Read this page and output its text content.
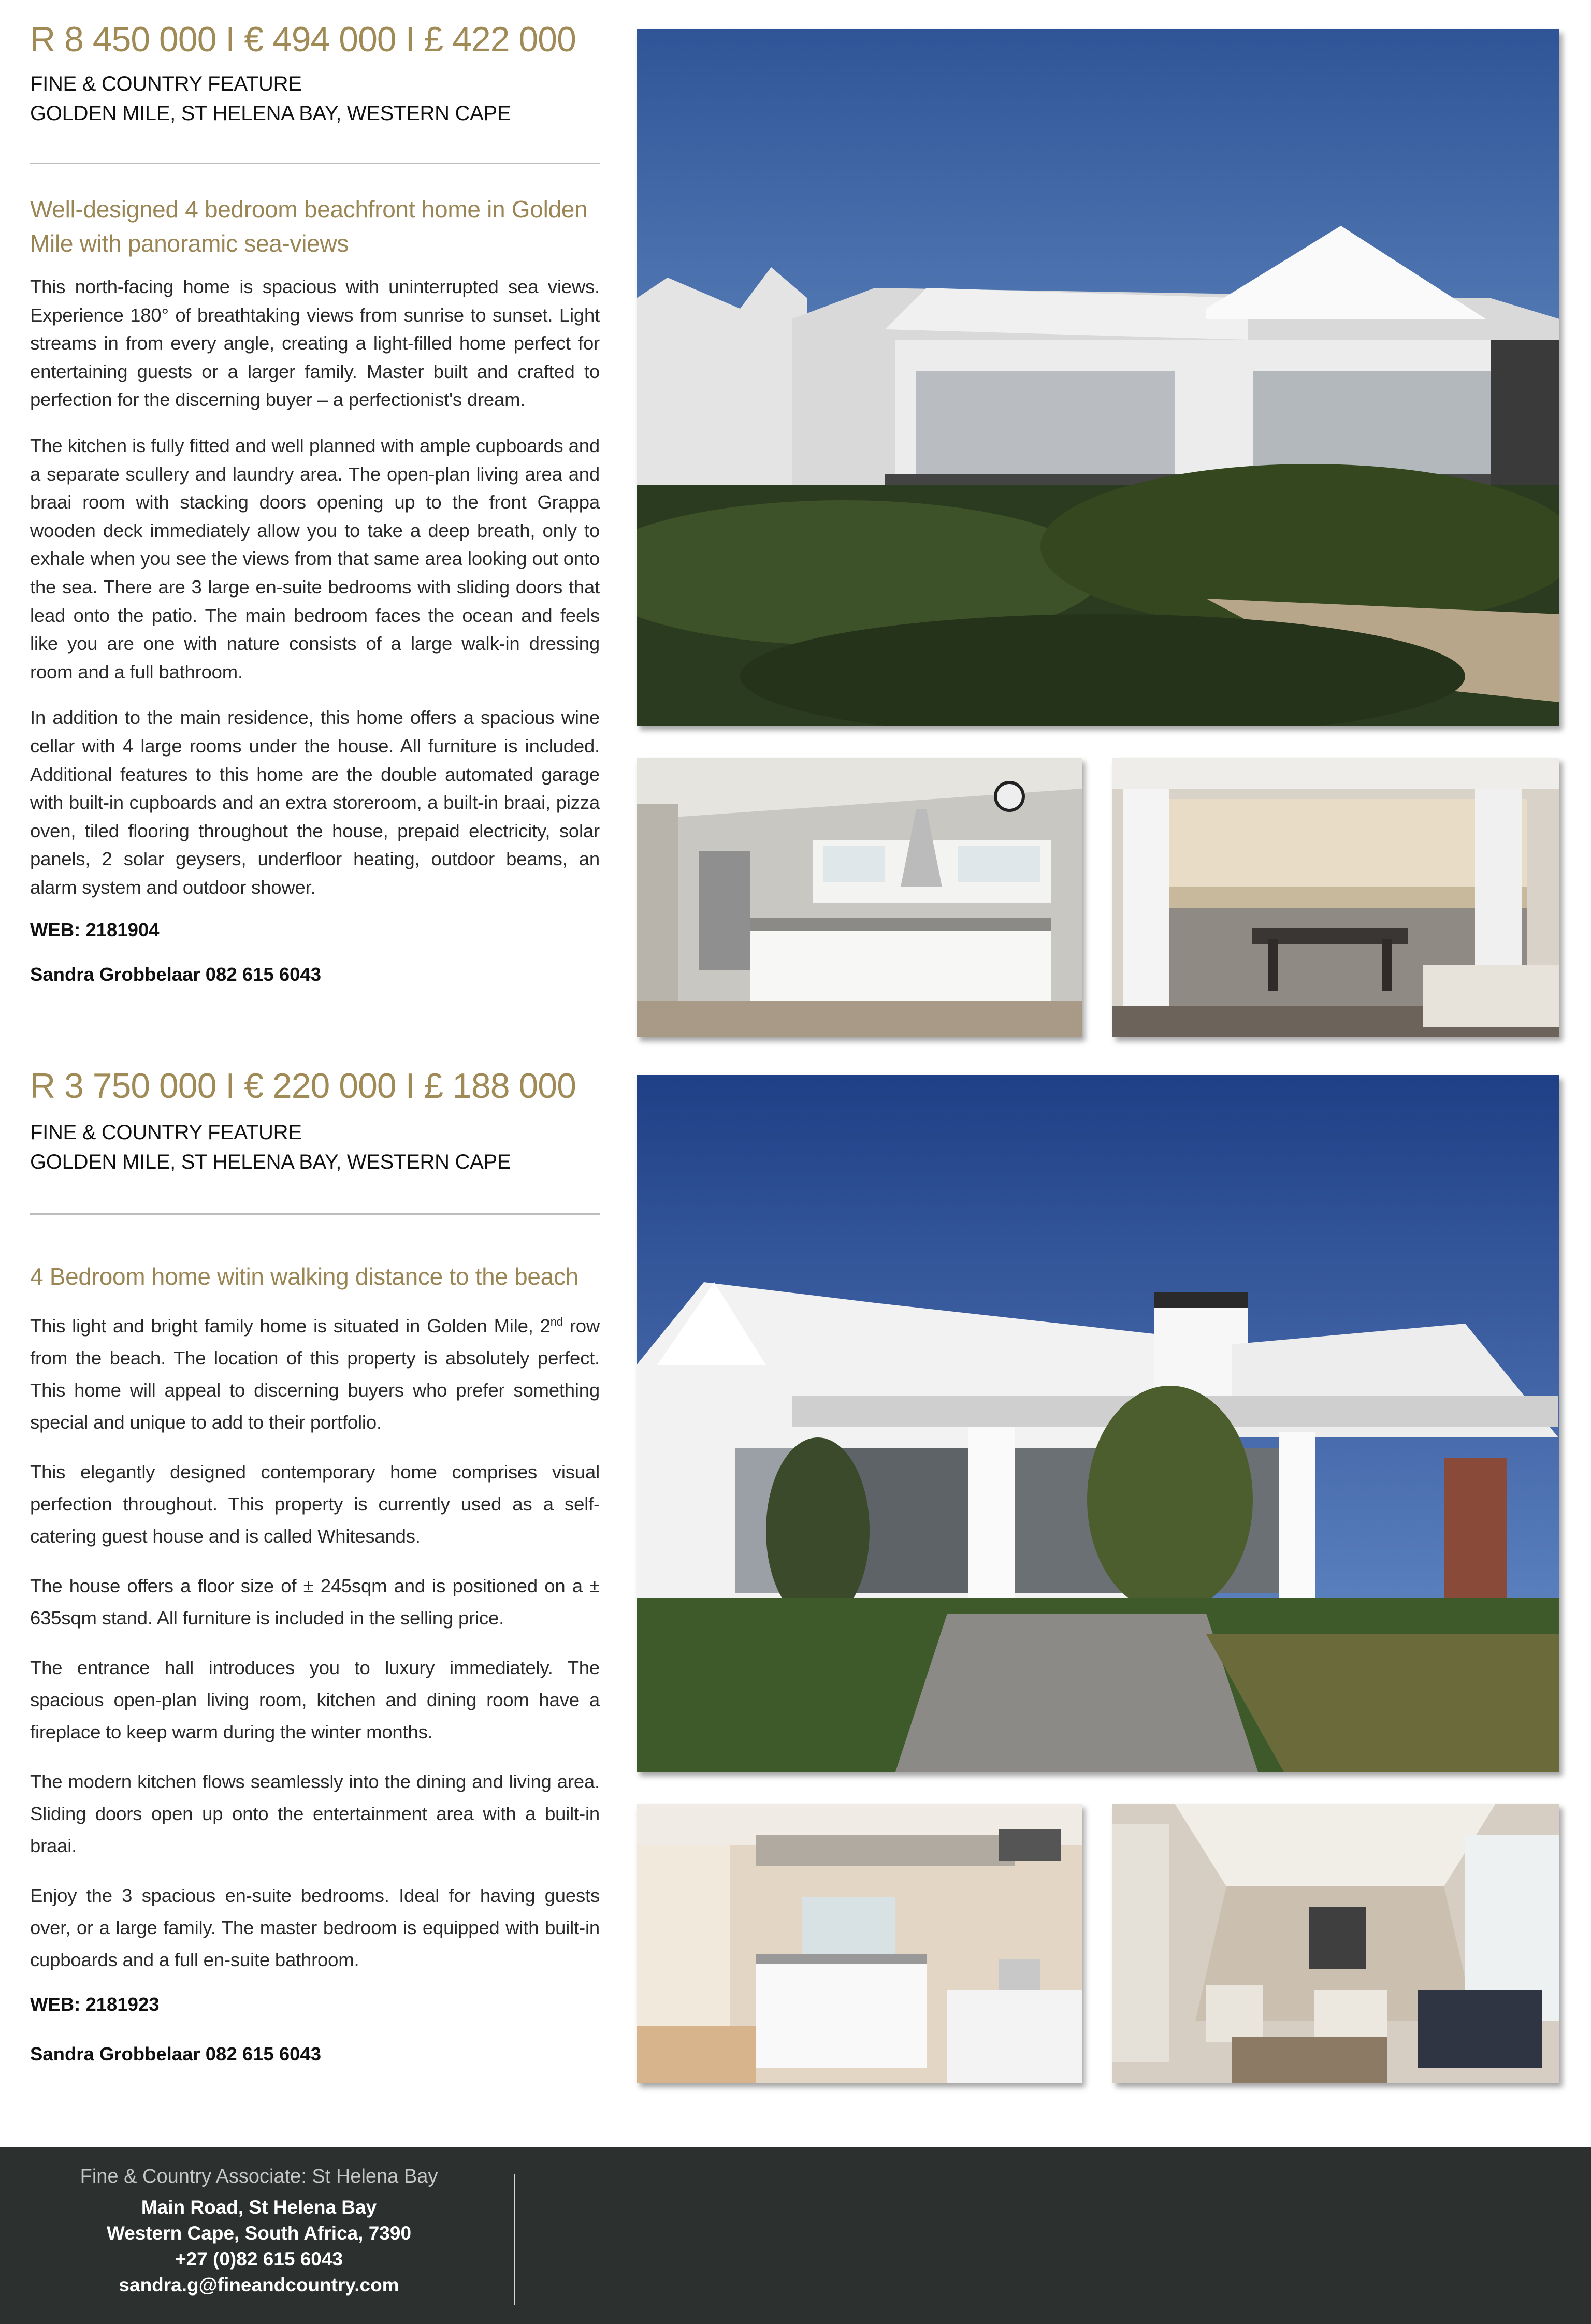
R 8 450 000 I € 494 000 I £ 422 000

FINE & COUNTRY FEATURE

GOLDEN MILE, ST HELENA BAY, WESTERN CAPE

Well-designed 4 bedroom beachfront home in Golden Mile with panoramic sea-views

This north-facing home is spacious with uninterrupted sea views. Experience 180° of breathtaking views from sunrise to sunset. Light streams in from every angle, creating a light-filled home perfect for entertaining guests or a larger family. Master built and crafted to perfection for the discerning buyer – a perfectionist's dream.

The kitchen is fully fitted and well planned with ample cupboards and a separate scullery and laundry area. The open-plan living area and braai room with stacking doors opening up to the front Grappa wooden deck immediately allow you to take a deep breath, only to exhale when you see the views from that same area looking out onto the sea. There are 3 large en-suite bedrooms with sliding doors that lead onto the patio. The main bedroom faces the ocean and feels like you are one with nature consists of a large walk-in dressing room and a full bathroom.

In addition to the main residence, this home offers a spacious wine cellar with 4 large rooms under the house. All furniture is included. Additional features to this home are the double automated garage with built-in cupboards and an extra storeroom, a built-in braai, pizza oven, tiled flooring throughout the house, prepaid electricity, solar panels, 2 solar geysers, underfloor heating, outdoor beams, an alarm system and outdoor shower.

WEB: 2181904

Sandra Grobbelaar 082 615 6043

R 3 750 000 I € 220 000 I £ 188 000

FINE & COUNTRY FEATURE

GOLDEN MILE, ST HELENA BAY, WESTERN CAPE

4 Bedroom home witin walking distance to the beach

This light and bright family home is situated in Golden Mile, 2nd row from the beach. The location of this property is absolutely perfect. This home will appeal to discerning buyers who prefer something special and unique to add to their portfolio.

This elegantly designed contemporary home comprises visual perfection throughout. This property is currently used as a self-catering guest house and is called Whitesands.

The house offers a floor size of ± 245sqm and is positioned on a ± 635sqm stand. All furniture is included in the selling price.

The entrance hall introduces you to luxury immediately. The spacious open-plan living room, kitchen and dining room have a fireplace to keep warm during the winter months.

The modern kitchen flows seamlessly into the dining and living area. Sliding doors open up onto the entertainment area with a built-in braai.

Enjoy the 3 spacious en-suite bedrooms. Ideal for having guests over, or a large family. The master bedroom is equipped with built-in cupboards and a full en-suite bathroom.

WEB: 2181923

Sandra Grobbelaar 082 615 6043

Fine & Country Associate: St Helena Bay
Main Road, St Helena Bay
Western Cape, South Africa, 7390
+27 (0)82 615 6043
sandra.g@fineandcountry.com
